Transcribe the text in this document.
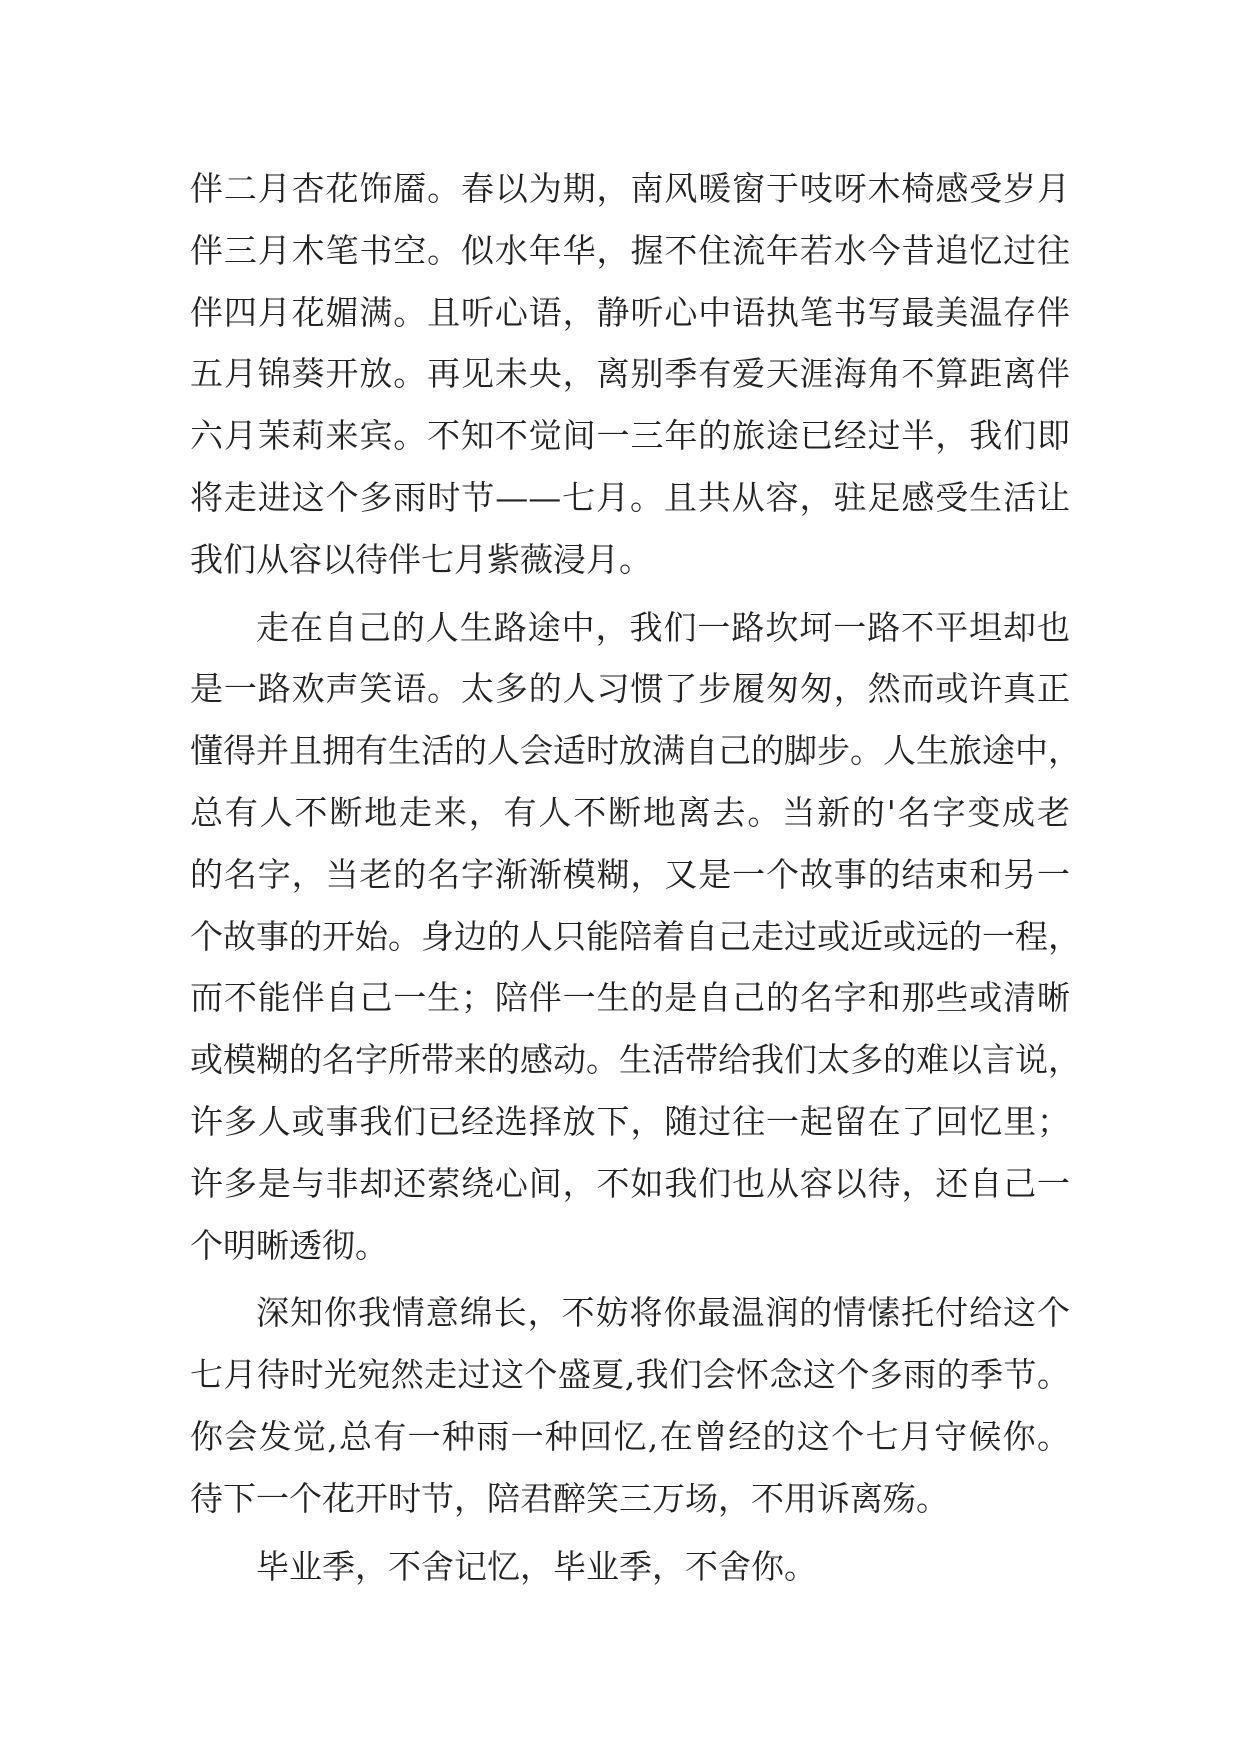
伴二月杏花饰靥。春以为期，南风暖窗于吱呀木椅感受岁月
伴三月木笔书空。似水年华，握不住流年若水今昔追忆过往
伴四月花媚满。且听心语，静听心中语执笔书写最美温存伴
五月锦葵开放。再见未央，离别季有爱天涯海角不算距离伴
六月茉莉来宾。不知不觉间一三年的旅途已经过半，我们即
将走进这个多雨时节——七月。且共从容，驻足感受生活让
我们从容以待伴七月紫薇浸月。

走在自己的人生路途中，我们一路坎坷一路不平坦却也
是一路欢声笑语。太多的人习惯了步履匆匆，然而或许真正
懂得并且拥有生活的人会适时放满自己的脚步。人生旅途中，
总有人不断地走来，有人不断地离去。当新的'名字变成老
的名字，当老的名字渐渐模糊，又是一个故事的结束和另一
个故事的开始。身边的人只能陪着自己走过或近或远的一程，
而不能伴自己一生；陪伴一生的是自己的名字和那些或清晰
或模糊的名字所带来的感动。生活带给我们太多的难以言说，
许多人或事我们已经选择放下，随过往一起留在了回忆里；
许多是与非却还萦绕心间，不如我们也从容以待，还自己一
个明晰透彻。

深知你我情意绵长，不妨将你最温润的情愫托付给这个
七月待时光宛然走过这个盛夏,我们会怀念这个多雨的季节。
你会发觉,总有一种雨一种回忆,在曾经的这个七月守候你。
待下一个花开时节，陪君醉笑三万场，不用诉离殇。

毕业季，不舍记忆，毕业季，不舍你。
